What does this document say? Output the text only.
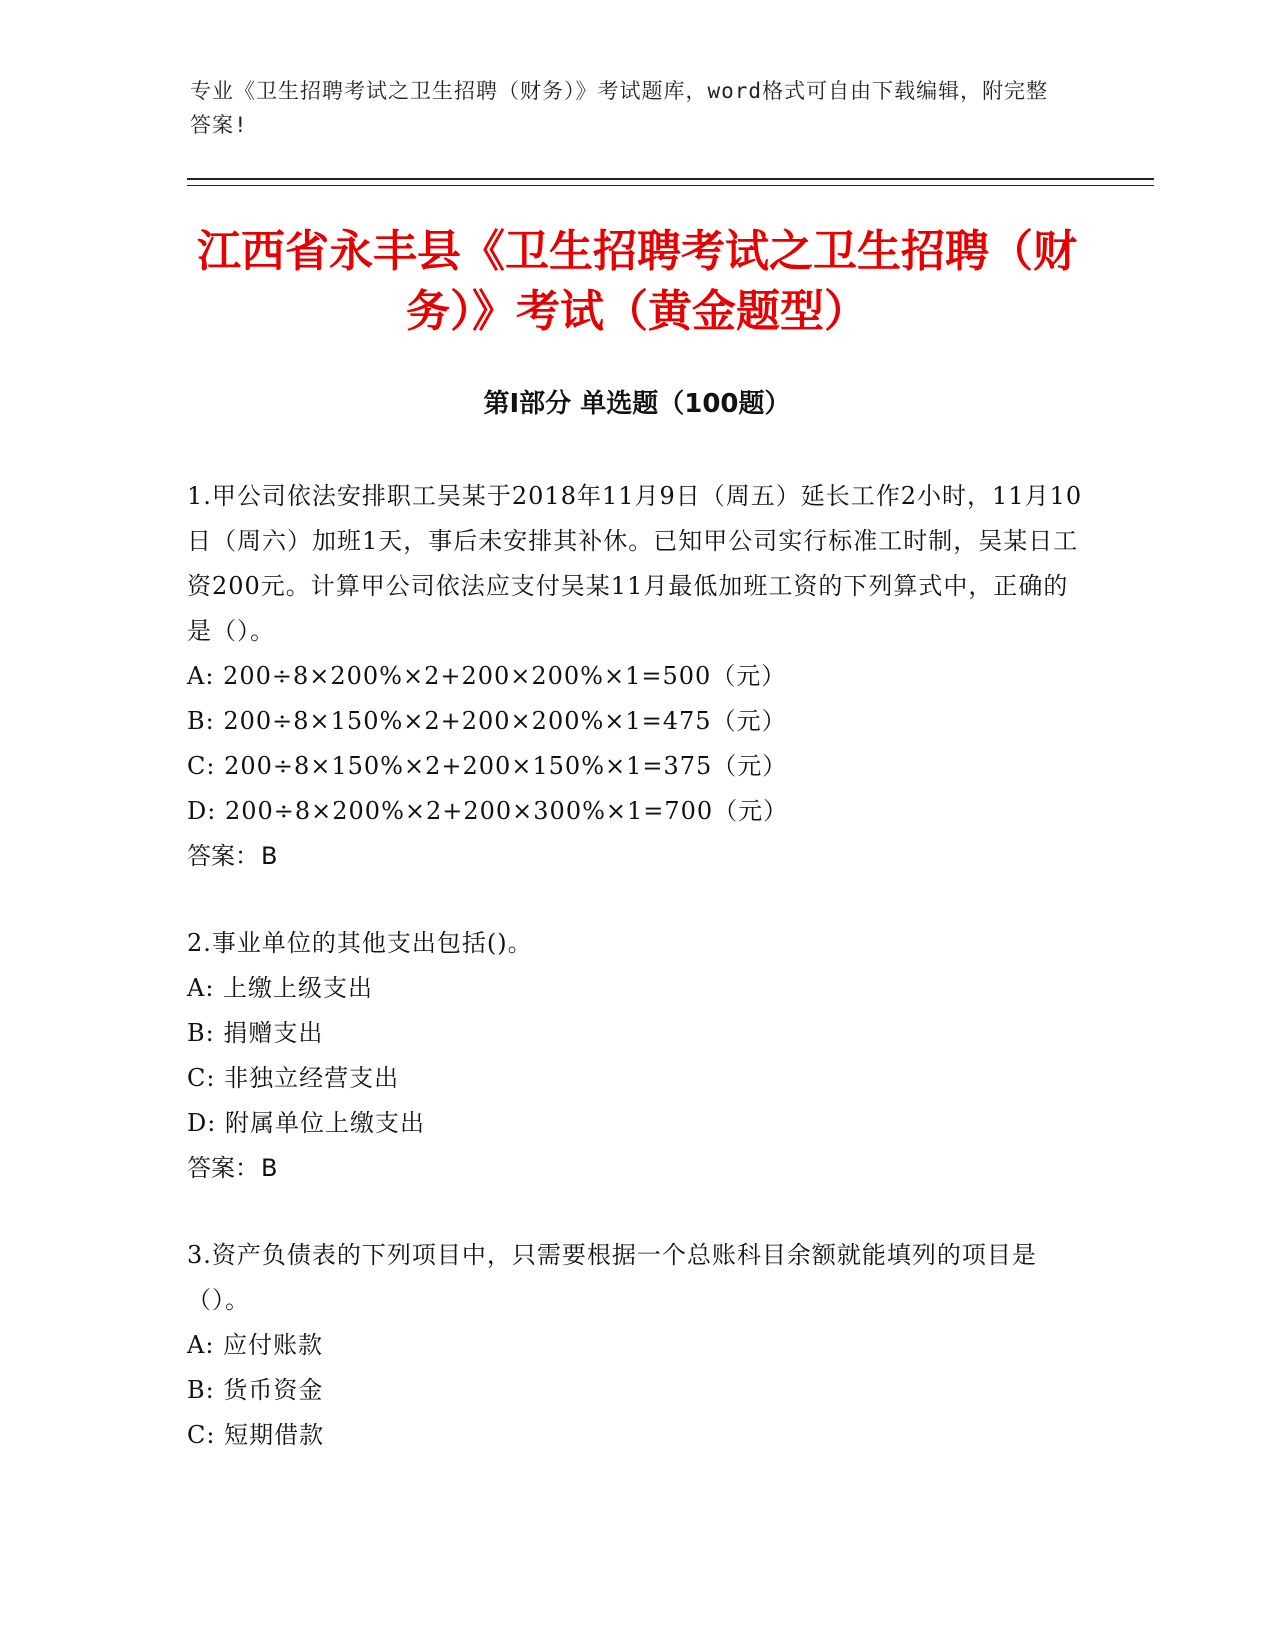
专业《卫生招聘考试之卫生招聘（财务）》考试题库，word格式可自由下载编辑，附完整答案!
江西省永丰县《卫生招聘考试之卫生招聘（财务）》考试（黄金题型）
第I部分 单选题（100题）

1.甲公司依法安排职工吴某于2018年11月9日（周五）延长工作2小时，11月10日（周六）加班1天，事后未安排其补休。已知甲公司实行标准工时制，吴某日工资200元。计算甲公司依法应支付吴某11月最低加班工资的下列算式中，正确的是（）。

A: 200÷8×200%×2+200×200%×1=500（元）

B: 200÷8×150%×2+200×200%×1=475（元）

C: 200÷8×150%×2+200×150%×1=375（元）

D: 200÷8×200%×2+200×300%×1=700（元）

答案：B

2.事业单位的其他支出包括()。

A: 上缴上级支出

B: 捐赠支出

C: 非独立经营支出

D: 附属单位上缴支出

答案：B

3.资产负债表的下列项目中，只需要根据一个总账科目余额就能填列的项目是（）。

A: 应付账款

B: 货币资金

C: 短期借款
